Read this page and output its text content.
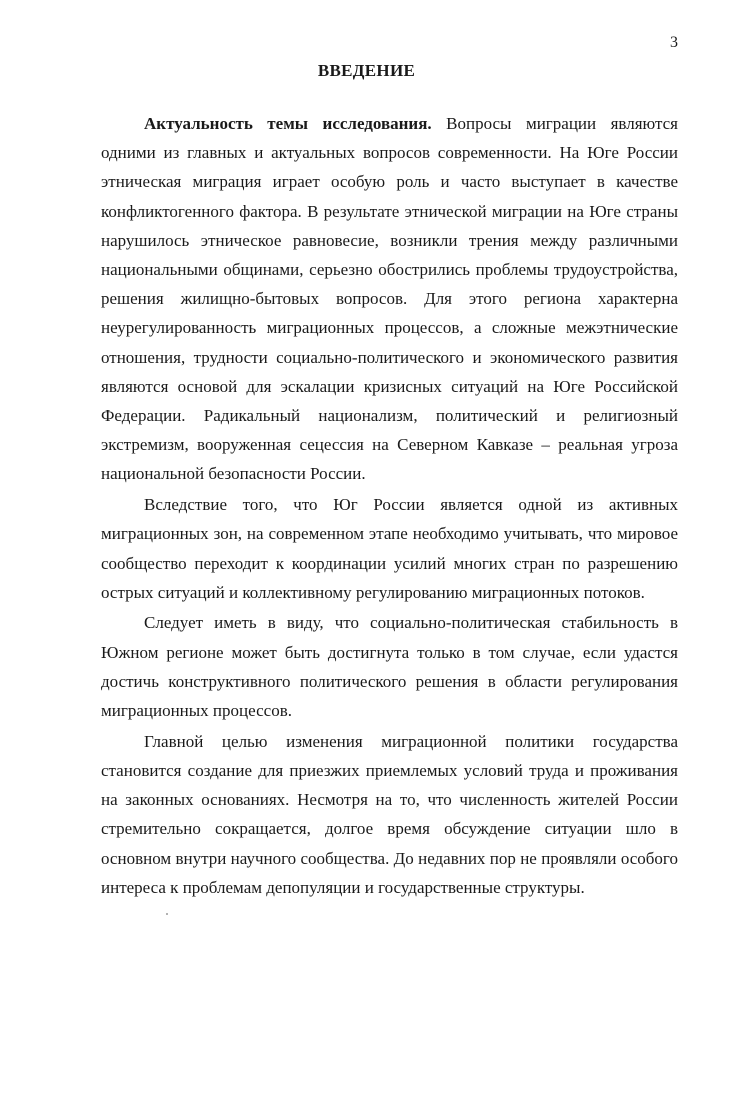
3
ВВЕДЕНИЕ

Актуальность темы исследования. Вопросы миграции являются одними из главных и актуальных вопросов современности. На Юге России этническая миграция играет особую роль и часто выступает в качестве конфликтогенного фактора. В результате этнической миграции на Юге страны нарушилось этническое равновесие, возникли трения между различными национальными общинами, серьезно обострились проблемы трудоустройства, решения жилищно-бытовых вопросов. Для этого региона характерна неурегулированность миграционных процессов, а сложные межэтнические отношения, трудности социально-политического и экономического развития являются основой для эскалации кризисных ситуаций на Юге Российской Федерации. Радикальный национализм, политический и религиозный экстремизм, вооруженная сецессия на Северном Кавказе – реальная угроза национальной безопасности России.

Вследствие того, что Юг России является одной из активных миграционных зон, на современном этапе необходимо учитывать, что мировое сообщество переходит к координации усилий многих стран по разрешению острых ситуаций и коллективному регулированию миграционных потоков.

Следует иметь в виду, что социально-политическая стабильность в Южном регионе может быть достигнута только в том случае, если удастся достичь конструктивного политического решения в области регулирования миграционных процессов.

Главной целью изменения миграционной политики государства становится создание для приезжих приемлемых условий труда и проживания на законных основаниях. Несмотря на то, что численность жителей России стремительно сокращается, долгое время обсуждение ситуации шло в основном внутри научного сообщества. До недавних пор не проявляли особого интереса к проблемам депопуляции и государственные структуры.
